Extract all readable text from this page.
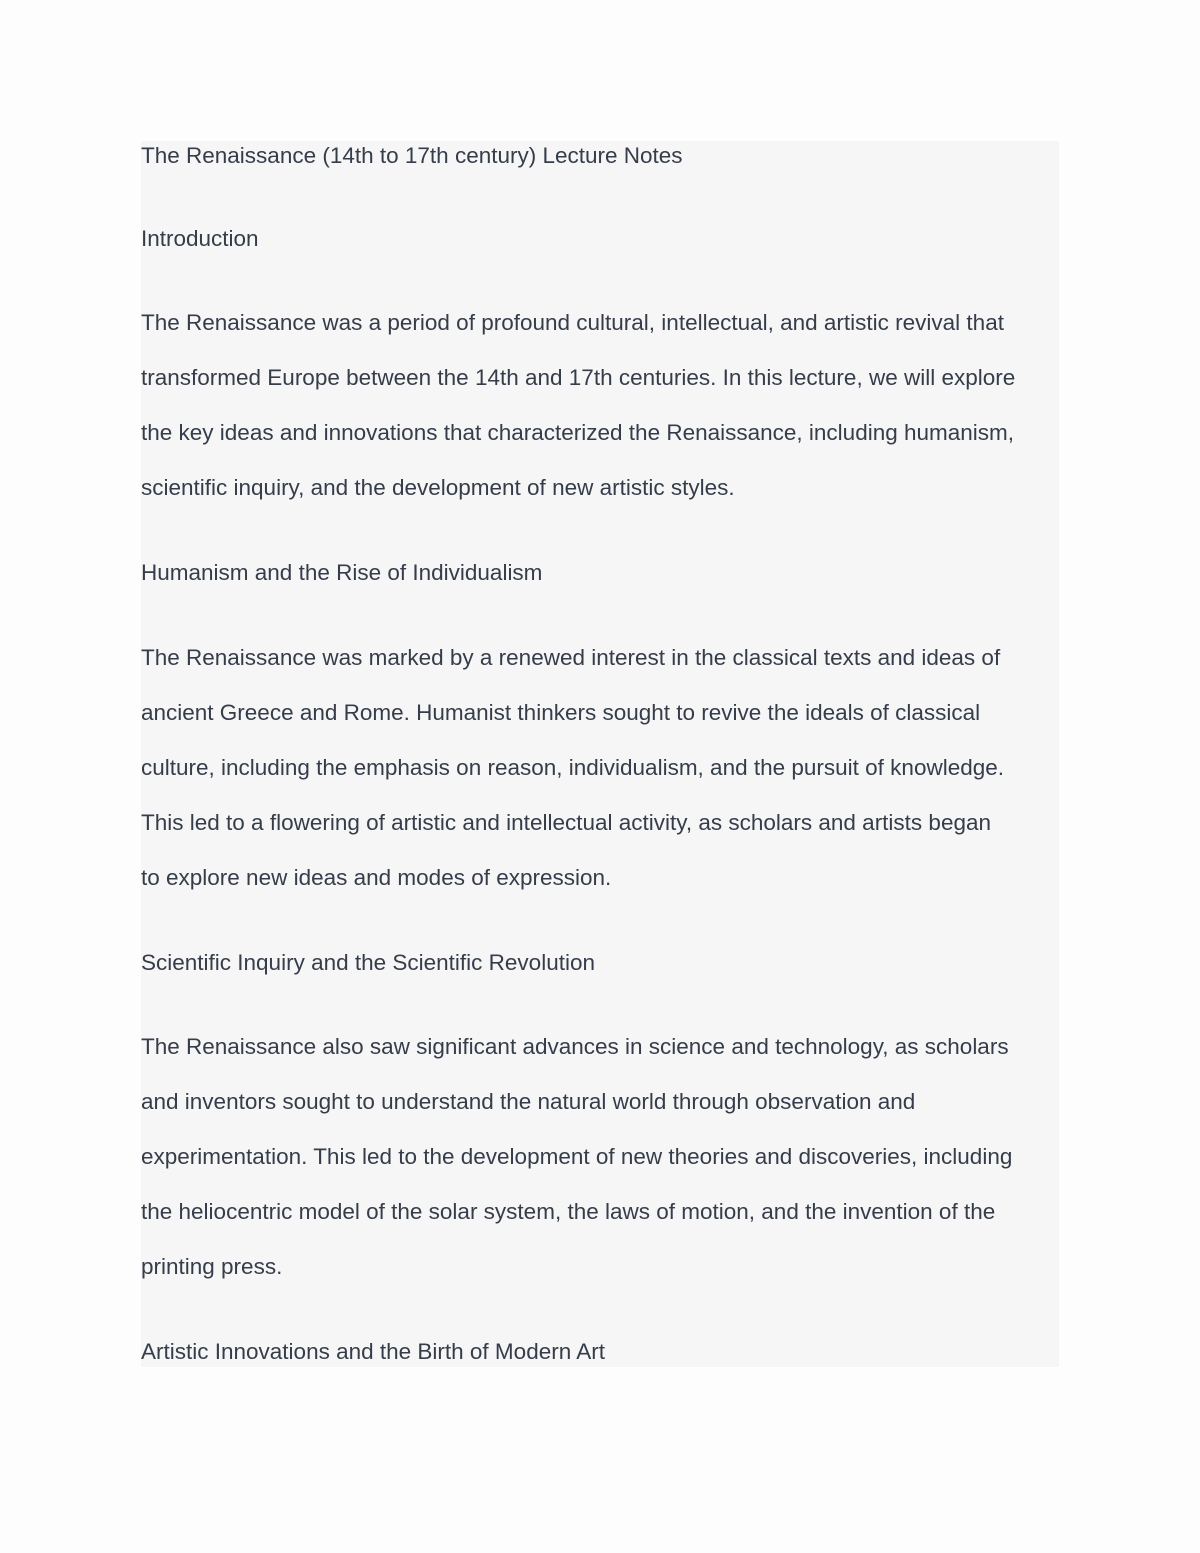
The Renaissance (14th to 17th century) Lecture Notes

Introduction

The Renaissance was a period of profound cultural, intellectual, and artistic revival that

transformed Europe between the 14th and 17th centuries. In this lecture, we will explore

the key ideas and innovations that characterized the Renaissance, including humanism,

scientific inquiry, and the development of new artistic styles.

Humanism and the Rise of Individualism

The Renaissance was marked by a renewed interest in the classical texts and ideas of

ancient Greece and Rome. Humanist thinkers sought to revive the ideals of classical

culture, including the emphasis on reason, individualism, and the pursuit of knowledge.

This led to a flowering of artistic and intellectual activity, as scholars and artists began

to explore new ideas and modes of expression.

Scientific Inquiry and the Scientific Revolution

The Renaissance also saw significant advances in science and technology, as scholars

and inventors sought to understand the natural world through observation and

experimentation. This led to the development of new theories and discoveries, including

the heliocentric model of the solar system, the laws of motion, and the invention of the

printing press.

Artistic Innovations and the Birth of Modern Art
